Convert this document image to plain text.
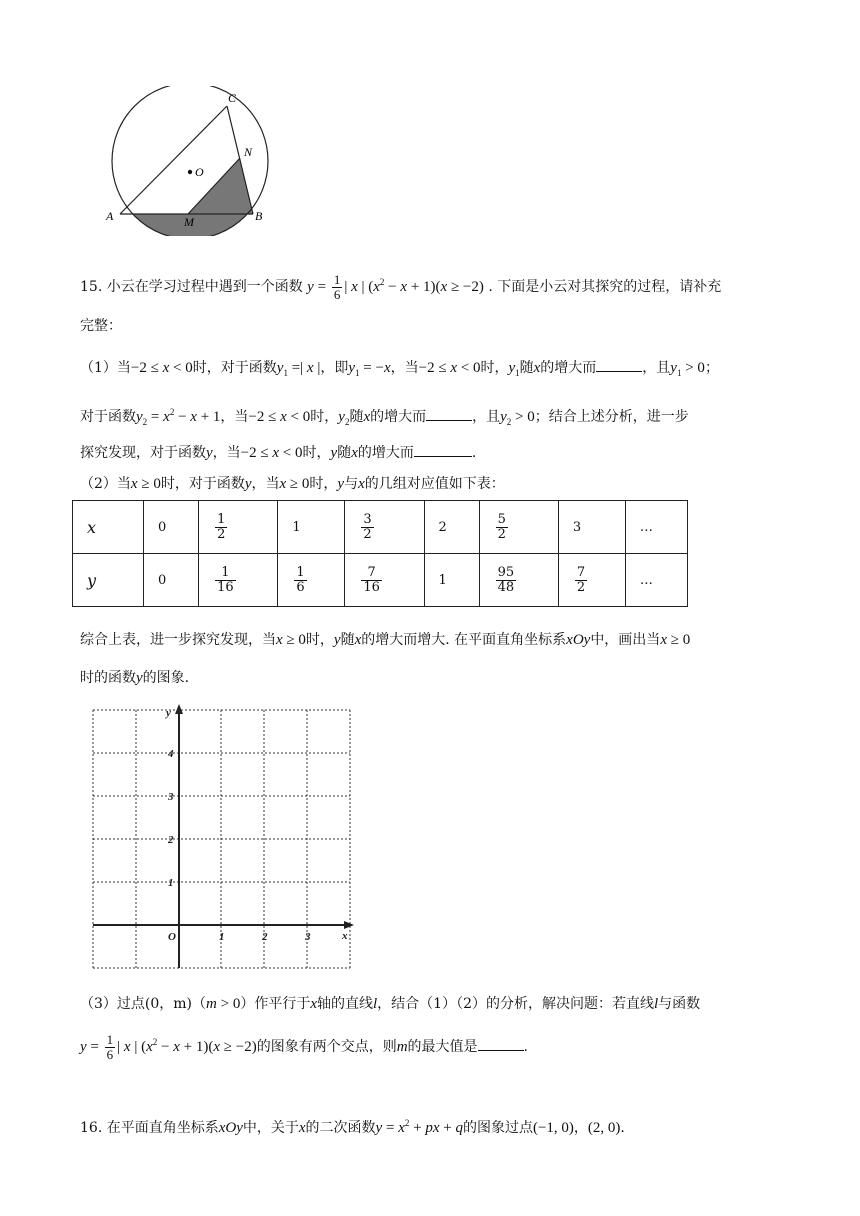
C
N
O
A	M	B
15. 小云在学习过程中遇到一个函数 $y = \frac{1}{6}$ | x | $(x^2 - x + 1)(x \ge -2)$ . 下面是小云对其探究的过程，请补充
完整：
（1）当−2 ≤ x < 0时，对于函数$y_1$ =| x |，即$y_1 = -x$，当−2 ≤ x < 0时，$y_1$随x的增大而	，且$y_1 > 0$；
对于函数$y_2 = x^2 - x + 1$，当−2 ≤ x < 0时，$y_2$随x的增大而	，且$y_2 > 0$；结合上述分析，进一步
探究发现，对于函数y，当−2 ≤ x < 0时，y随x的增大而	.
（2）当x ≥ 0时，对于函数y，当x ≥ 0时，y与x的几组对应值如下表：
x	0	$\frac{1}{2}$	1	$\frac{3}{2}$	2	$\frac{5}{2}$	3	…
y	0	$\frac{1}{16}$	$\frac{1}{6}$	$\frac{7}{16}$	1	$\frac{95}{48}$	$\frac{7}{2}$	…
综合上表，进一步探究发现，当x ≥ 0时，y随x的增大而增大. 在平面直角坐标系xOy中，画出当x ≥ 0
时的函数y的图象.
4
3
2
1
O	1	2	3	x
y
（3）过点(0，m)（m > 0）作平行于x轴的直线l，结合（1）（2）的分析，解决问题：若直线l与函数
$y = \frac{1}{6}$ | x | $(x^2 - x + 1)(x \ge -2)$的图象有两个交点，则m的最大值是	.
16. 在平面直角坐标系xOy中，关于x的二次函数$y = x^2$ + px + q的图象过点(−1, 0)，(2, 0).
